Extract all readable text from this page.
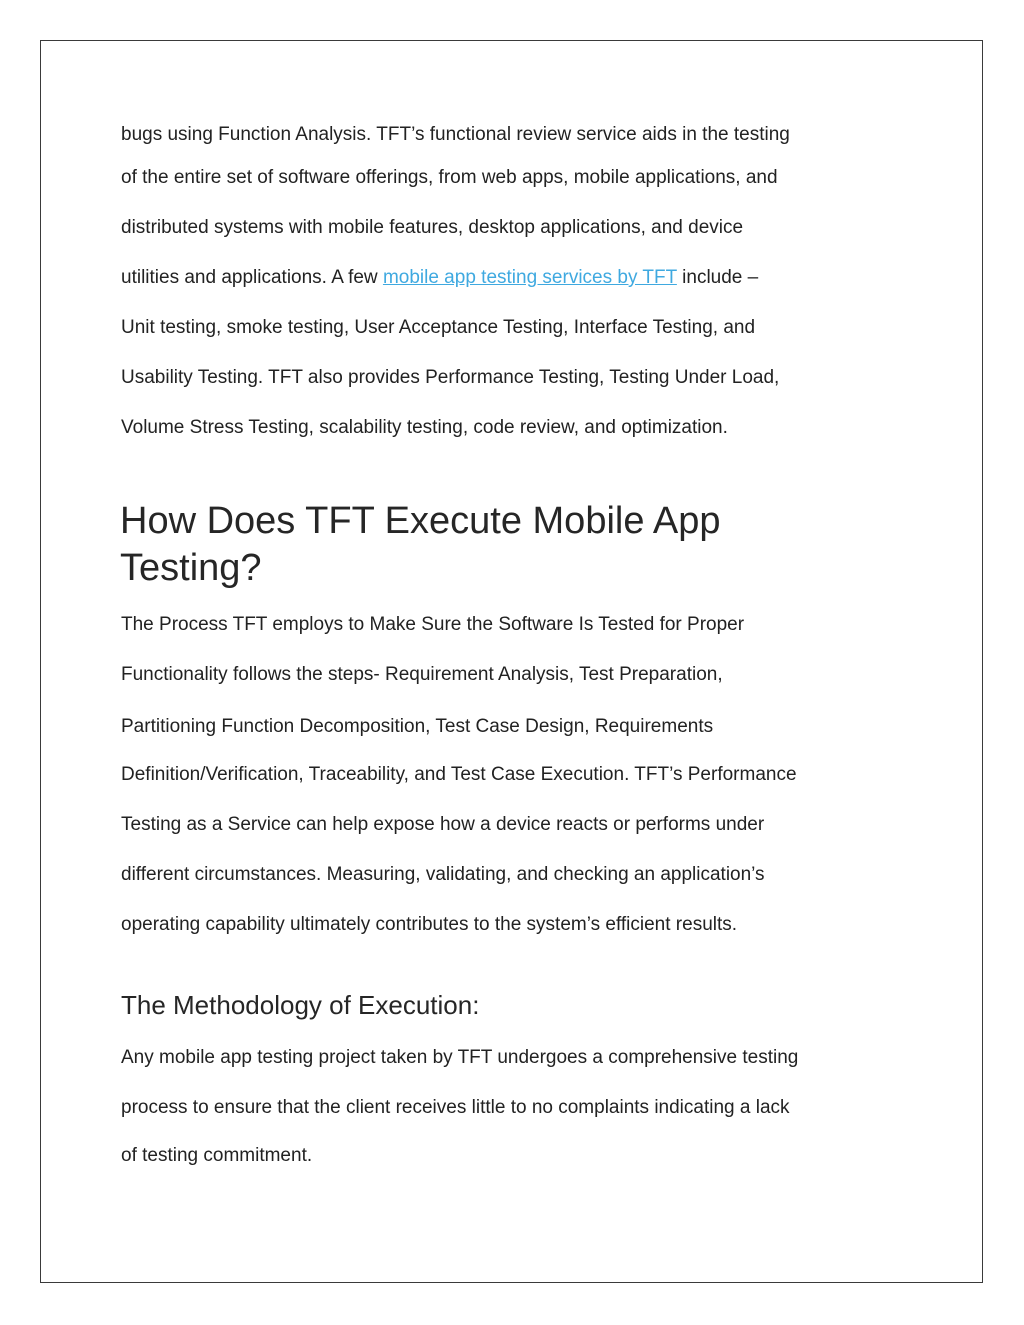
bugs using Function Analysis. TFT’s functional review service aids in the testing
of the entire set of software offerings, from web apps, mobile applications, and
distributed systems with mobile features, desktop applications, and device
utilities and applications. A few mobile app testing services by TFT include –
Unit testing, smoke testing, User Acceptance Testing, Interface Testing, and
Usability Testing. TFT also provides Performance Testing, Testing Under Load,
Volume Stress Testing, scalability testing, code review, and optimization.
How Does TFT Execute Mobile App
Testing?
The Process TFT employs to Make Sure the Software Is Tested for Proper
Functionality follows the steps- Requirement Analysis, Test Preparation,
Partitioning Function Decomposition, Test Case Design, Requirements
Definition/Verification, Traceability, and Test Case Execution. TFT’s Performance
Testing as a Service can help expose how a device reacts or performs under
different circumstances. Measuring, validating, and checking an application’s
operating capability ultimately contributes to the system’s efficient results.
The Methodology of Execution:
Any mobile app testing project taken by TFT undergoes a comprehensive testing
process to ensure that the client receives little to no complaints indicating a lack
of testing commitment.
